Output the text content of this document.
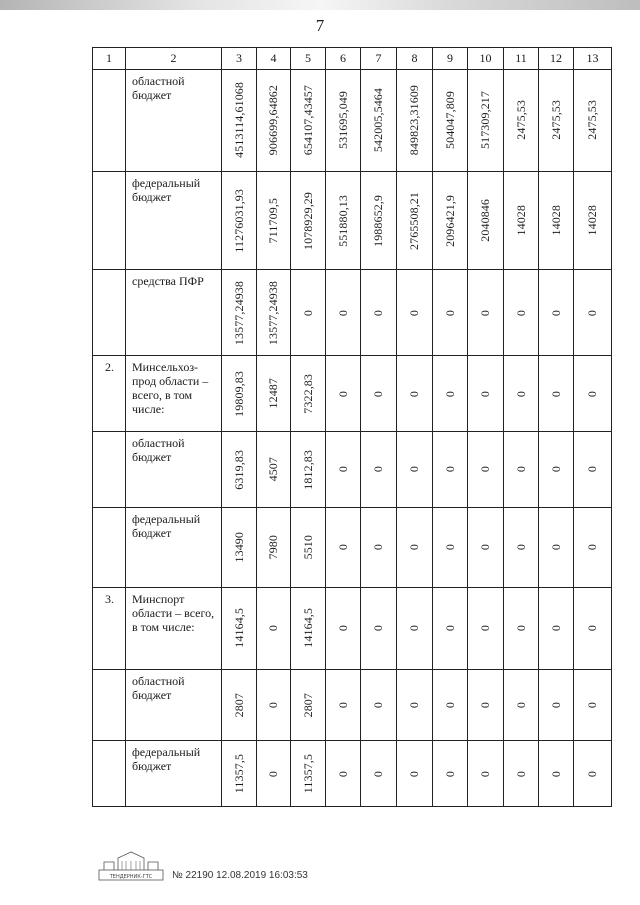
7
1	2	3	4	5	6	7	8	9	10	11	12	13
	областной бюджет	4513114,61068	906699,64862	654107,43457	531695,049	542005,5464	849823,31609	504047,809	517309,217	2475,53	2475,53	2475,53

	федеральный бюджет	11276031,93	711709,5	1078929,29	551880,13	1988652,9	2765508,21	2096421,9	2040846	14028	14028	14028

	средства ПФР	13577,24938	13577,24938	0	0	0	0	0	0	0	0	0

2.	Минсельхоз-прод области – всего, в том числе:	19809,83	12487	7322,83	0	0	0	0	0	0	0	0

	областной бюджет	6319,83	4507	1812,83	0	0	0	0	0	0	0	0

	федеральный бюджет	13490	7980	5510	0	0	0	0	0	0	0	0

3.	Минспорт области – всего, в том числе:	14164,5	0	14164,5	0	0	0	0	0	0	0	0

	областной бюджет	2807	0	2807	0	0	0	0	0	0	0	0

	федеральный бюджет	11357,5	0	11357,5	0	0	0	0	0	0	0	0
ТЕНДЕРНИК-ГТС № 22190 12.08.2019 16:03:53
